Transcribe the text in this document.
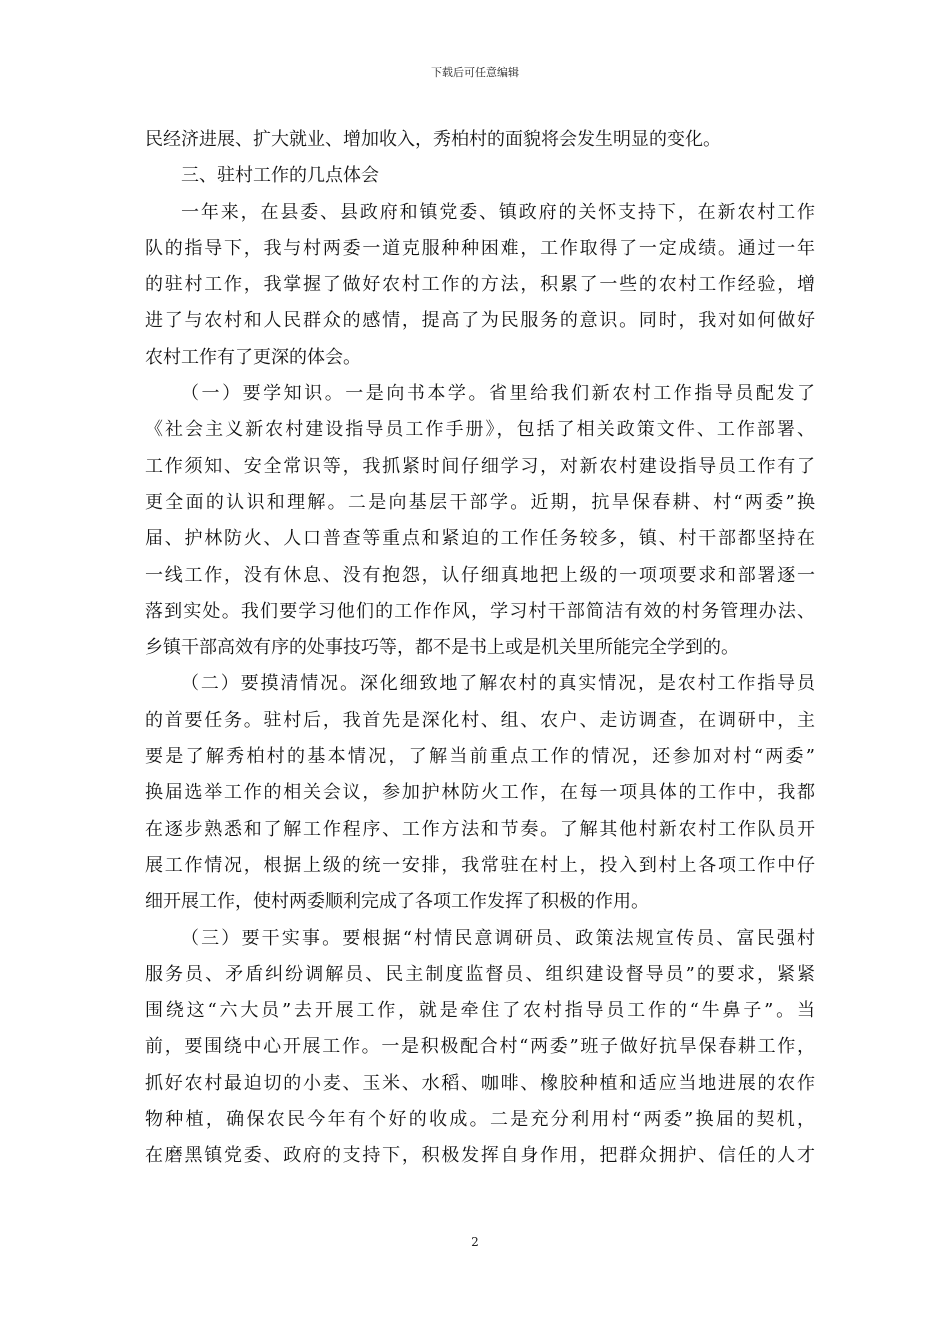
下载后可任意编辑
民经济进展、扩大就业、增加收入，秀柏村的面貌将会发生明显的变化。
三、驻村工作的几点体会
一年来，在县委、县政府和镇党委、镇政府的关怀支持下，在新农村工作
队的指导下，我与村两委一道克服种种困难，工作取得了一定成绩。通过一年
的驻村工作，我掌握了做好农村工作的方法，积累了一些的农村工作经验，增
进了与农村和人民群众的感情，提高了为民服务的意识。同时，我对如何做好
农村工作有了更深的体会。
（一）要学知识。一是向书本学。省里给我们新农村工作指导员配发了
《社会主义新农村建设指导员工作手册》，包括了相关政策文件、工作部署、
工作须知、安全常识等，我抓紧时间仔细学习，对新农村建设指导员工作有了
更全面的认识和理解。二是向基层干部学。近期，抗旱保春耕、村“两委”换
届、护林防火、人口普查等重点和紧迫的工作任务较多，镇、村干部都坚持在
一线工作，没有休息、没有抱怨，认仔细真地把上级的一项项要求和部署逐一
落到实处。我们要学习他们的工作作风，学习村干部简洁有效的村务管理办法、
乡镇干部高效有序的处事技巧等，都不是书上或是机关里所能完全学到的。
（二）要摸清情况。深化细致地了解农村的真实情况，是农村工作指导员
的首要任务。驻村后，我首先是深化村、组、农户、走访调查，在调研中，主
要是了解秀柏村的基本情况，了解当前重点工作的情况，还参加对村“两委”
换届选举工作的相关会议，参加护林防火工作，在每一项具体的工作中，我都
在逐步熟悉和了解工作程序、工作方法和节奏。了解其他村新农村工作队员开
展工作情况，根据上级的统一安排，我常驻在村上，投入到村上各项工作中仔
细开展工作，使村两委顺利完成了各项工作发挥了积极的作用。
（三）要干实事。要根据“村情民意调研员、政策法规宣传员、富民强村
服务员、矛盾纠纷调解员、民主制度监督员、组织建设督导员”的要求，紧紧
围绕这“六大员”去开展工作，就是牵住了农村指导员工作的“牛鼻子”。当
前，要围绕中心开展工作。一是积极配合村“两委”班子做好抗旱保春耕工作，
抓好农村最迫切的小麦、玉米、水稻、咖啡、橡胶种植和适应当地进展的农作
物种植，确保农民今年有个好的收成。二是充分利用村“两委”换届的契机，
在磨黑镇党委、政府的支持下，积极发挥自身作用，把群众拥护、信任的人才
2
